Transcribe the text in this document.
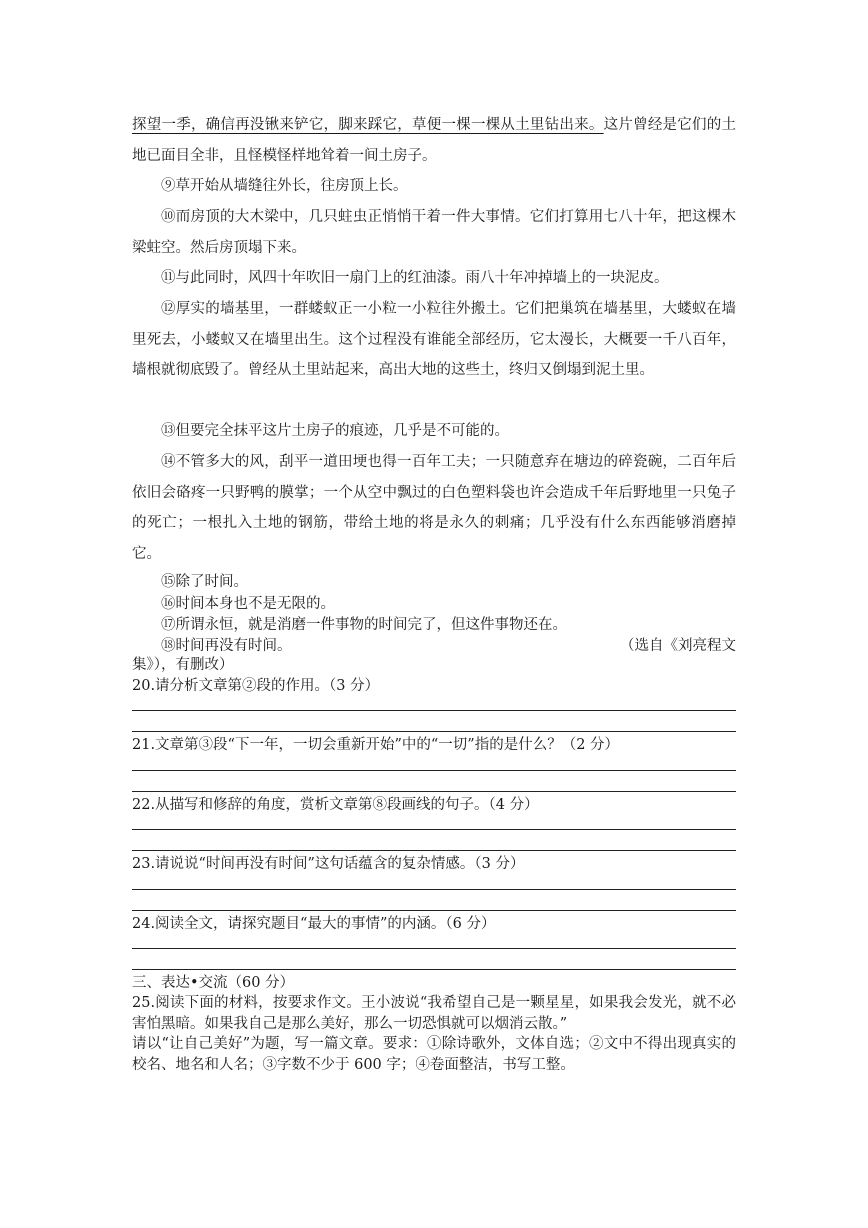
探望一季，确信再没锹来铲它，脚来踩它，草便一棵一棵从土里钻出来。这片曾经是它们的土地已面目全非，且怪模怪样地耸着一间土房子。
⑨草开始从墙缝往外长，往房顶上长。
⑩而房顶的大木梁中，几只蛀虫正悄悄干着一件大事情。它们打算用七八十年，把这棵木梁蛀空。然后房顶塌下来。
⑪与此同时，风四十年吹旧一扇门上的红油漆。雨八十年冲掉墙上的一块泥皮。
⑫厚实的墙基里，一群蝼蚁正一小粒一小粒往外搬土。它们把巢筑在墙基里，大蝼蚁在墙里死去，小蝼蚁又在墙里出生。这个过程没有谁能全部经历，它太漫长，大概要一千八百年，墙根就彻底毁了。曾经从土里站起来，高出大地的这些土，终归又倒塌到泥土里。
⑬但要完全抹平这片土房子的痕迹，几乎是不可能的。
⑭不管多大的风，刮平一道田埂也得一百年工夫；一只随意弃在塘边的碎瓷碗，二百年后依旧会硌疼一只野鸭的膜掌；一个从空中飘过的白色塑料袋也许会造成千年后野地里一只兔子的死亡；一根扎入土地的钢筋，带给土地的将是永久的刺痛；几乎没有什么东西能够消磨掉它。
⑮除了时间。
⑯时间本身也不是无限的。
⑰所谓永恒，就是消磨一件事物的时间完了，但这件事物还在。
⑱时间再没有时间。	（选自《刘亮程文
集》），有删改）
20.请分析文章第②段的作用。（3 分）
21.文章第③段“下一年，一切会重新开始”中的“一切”指的是什么？（2 分）
22.从描写和修辞的角度，赏析文章第⑧段画线的句子。（4 分）
23.请说说“时间再没有时间”这句话蕴含的复杂情感。（3 分）
24.阅读全文，请探究题目“最大的事情”的内涵。（6 分）
三、表达•交流（60 分）
25.阅读下面的材料，按要求作文。王小波说“我希望自己是一颗星星，如果我会发光，就不必害怕黑暗。如果我自己是那么美好，那么一切恐惧就可以烟消云散。”
请以“让自己美好”为题，写一篇文章。要求：①除诗歌外，文体自选；②文中不得出现真实的校名、地名和人名；③字数不少于 600 字；④卷面整洁，书写工整。
